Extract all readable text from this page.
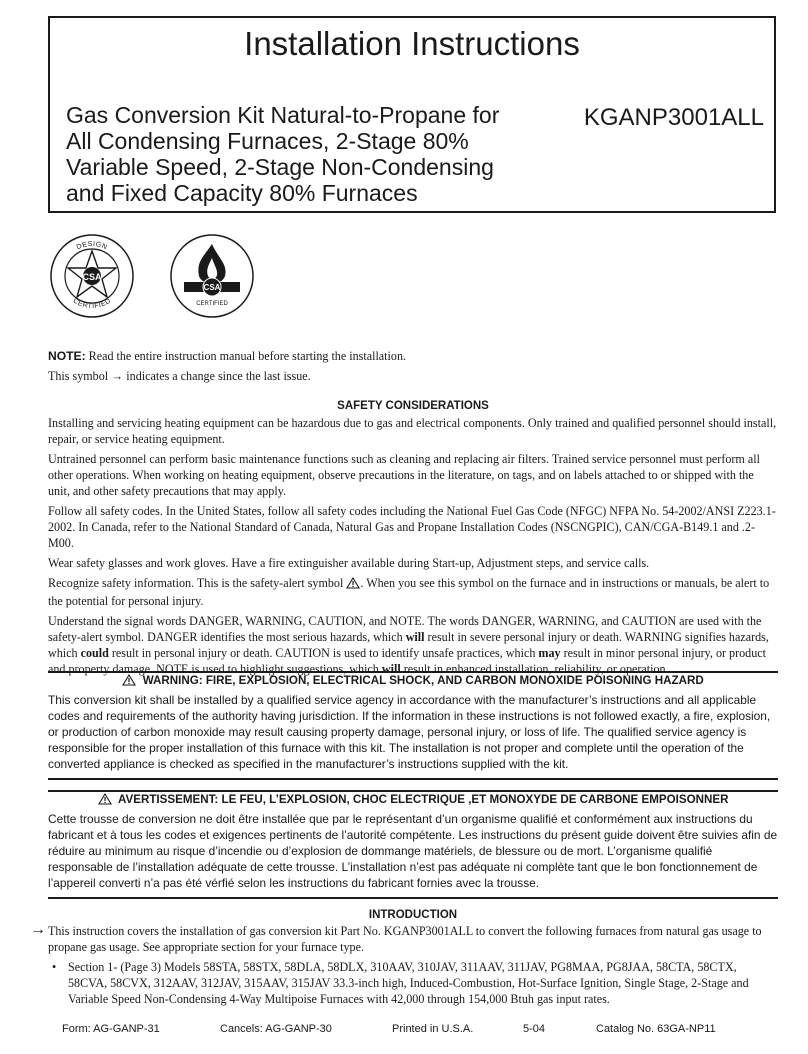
Installation Instructions
Gas Conversion Kit Natural-to-Propane for
All Condensing Furnaces, 2-Stage 80%
Variable Speed, 2-Stage Non-Condensing
and Fixed Capacity 80% Furnaces
KGANP3001ALL
CSA
DESIGN
CERTIFIED
CSA
CERTIFIED

NOTE: Read the entire instruction manual before starting the installation.

This symbol → indicates a change since the last issue.

SAFETY CONSIDERATIONS

Installing and servicing heating equipment can be hazardous due to gas and electrical components. Only trained and qualified personnel should install, repair, or service heating equipment.

Untrained personnel can perform basic maintenance functions such as cleaning and replacing air filters. Trained service personnel must perform all other operations. When working on heating equipment, observe precautions in the literature, on tags, and on labels attached to or shipped with the unit, and other safety precautions that may apply.

Follow all safety codes. In the United States, follow all safety codes including the National Fuel Gas Code (NFGC) NFPA No. 54-2002/ANSI Z223.1-2002. In Canada, refer to the National Standard of Canada, Natural Gas and Propane Installation Codes (NSCNGPIC), CAN/CGA-B149.1 and .2-M00.

Wear safety glasses and work gloves. Have a fire extinguisher available during Start-up, Adjustment steps, and service calls.

Recognize safety information. This is the safety-alert symbol . When you see this symbol on the furnace and in instructions or manuals, be alert to the potential for personal injury.

Understand the signal words DANGER, WARNING, CAUTION, and NOTE. The words DANGER, WARNING, and CAUTION are used with the safety-alert symbol. DANGER identifies the most serious hazards, which will result in severe personal injury or death. WARNING signifies hazards, which could result in personal injury or death. CAUTION is used to identify unsafe practices, which may result in minor personal injury, or product and property damage. NOTE is used to highlight suggestions, which will result in enhanced installation, reliability, or operation.

WARNING: FIRE, EXPLOSION, ELECTRICAL SHOCK, AND CARBON MONOXIDE POISONING HAZARD
This conversion kit shall be installed by a qualified service agency in accordance with the manufacturer’s instructions and all applicable codes and requirements of the authority having jurisdiction. If the information in these instructions is not followed exactly, a fire, explosion, or production of carbon monoxide may result causing property damage, personal injury, or loss of life. The qualified service agency is responsible for the proper installation of this furnace with this kit. The installation is not proper and complete until the operation of the converted appliance is checked as specified in the manufacturer’s instructions supplied with the kit.
AVERTISSEMENT: LE FEU, L’EXPLOSION, CHOC ELECTRIQUE ,ET MONOXYDE DE CARBONE EMPOISONNER
Cette trousse de conversion ne doit être installée que par le représentant d’un organisme qualifié et conformément aux instructions du fabricant et à tous les codes et exigences pertinents de l’autorité compétente. Les instructions du présent guide doivent être suivies afin de réduire au minimum au risque d’incendie ou d’explosion de dommange matériels, de blessure ou de mort. L’organisme qualifié responsable de l’installation adéquate de cette trousse. L’installation n’est pas adéquate ni complète tant que le bon fonctionnement de l’appereil converti n’a pas été vérfié selon les instructions du fabricant fornies avec la trousse.
INTRODUCTION
→ This instruction covers the installation of gas conversion kit Part No. KGANP3001ALL to convert the following furnaces from natural gas usage to propane gas usage. See appropriate section for your furnace type.

• Section 1- (Page 3) Models 58STA, 58STX, 58DLA, 58DLX, 310AAV, 310JAV, 311AAV, 311JAV, PG8MAA, PG8JAA, 58CTA, 58CTX, 58CVA, 58CVX, 312AAV, 312JAV, 315AAV, 315JAV 33.3-inch high, Induced-Combustion, Hot-Surface Ignition, Single Stage, 2-Stage and Variable Speed Non-Condensing 4-Way Multipoise Furnaces with 42,000 through 154,000 Btuh gas input rates.
Form: AG-GANP-31	Cancels: AG-GANP-30	Printed in U.S.A.	5-04	Catalog No. 63GA-NP11
